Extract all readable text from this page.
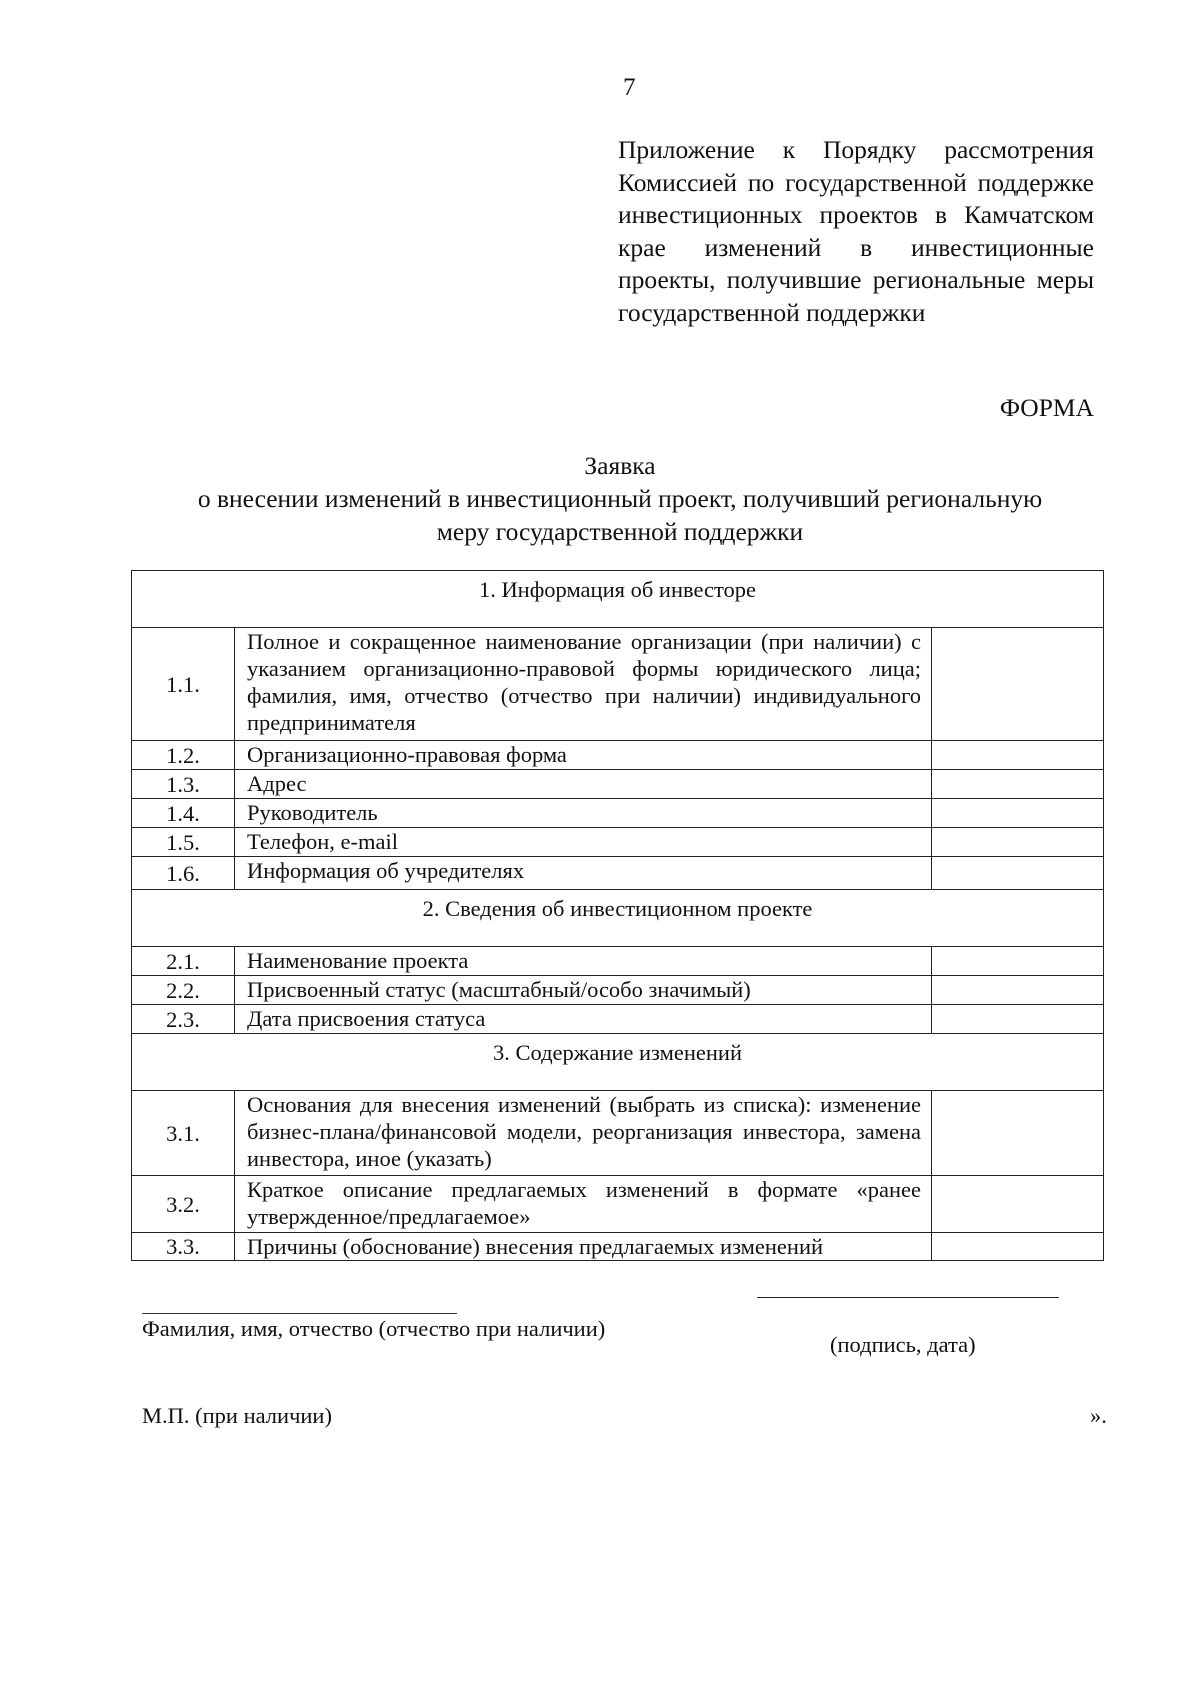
7
Приложение к Порядку рассмотрения Комиссией по государственной поддержке инвестиционных проектов в Камчатском крае изменений в инвестиционные проекты, получившие региональные меры государственной поддержки
ФОРМА
Заявка
о внесении изменений в инвестиционный проект, получивший региональную
меру государственной поддержки
1. Информация об инвесторе		
1.1.	Полное и сокращенное наименование организации (при наличии) с указанием организационно-правовой формы юридического лица; фамилия, имя, отчество (отчество при наличии) индивидуального предпринимателя	
1.2.	Организационно-правовая форма	
1.3.	Адрес	
1.4.	Руководитель	
1.5.	Телефон, e-mail	
1.6.	Информация об учредителях	
2. Сведения об инвестиционном проекте		
2.1.	Наименование проекта	
2.2.	Присвоенный статус (масштабный/особо значимый)	
2.3.	Дата присвоения статуса	
3. Содержание изменений		
3.1.	Основания для внесения изменений (выбрать из списка): изменение бизнес-плана/финансовой модели, реорганизация инвестора, замена инвестора, иное (указать)	
3.2.	Краткое описание предлагаемых изменений в формате «ранее утвержденное/предлагаемое»	
3.3.	Причины (обоснование) внесения предлагаемых изменений	
Фамилия, имя, отчество (отчество при наличии)
(подпись, дата)
М.П. (при наличии)	».
